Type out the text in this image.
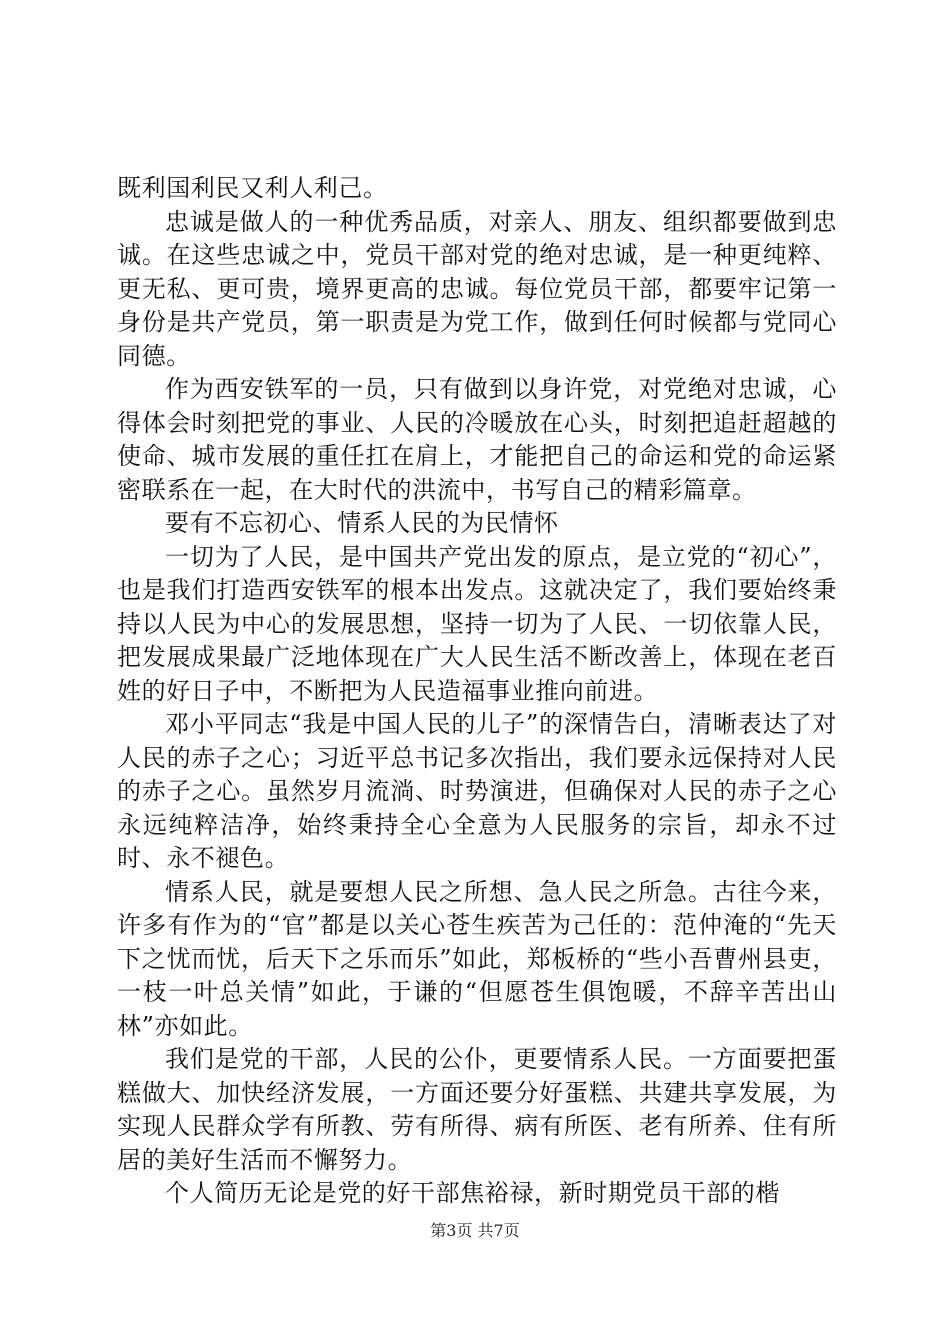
既利国利民又利人利己。

忠诚是做人的一种优秀品质，对亲人、朋友、组织都要做到忠诚。在这些忠诚之中，党员干部对党的绝对忠诚，是一种更纯粹、更无私、更可贵，境界更高的忠诚。每位党员干部，都要牢记第一身份是共产党员，第一职责是为党工作，做到任何时候都与党同心同德。

作为西安铁军的一员，只有做到以身许党，对党绝对忠诚，心得体会时刻把党的事业、人民的冷暖放在心头，时刻把追赶超越的使命、城市发展的重任扛在肩上，才能把自己的命运和党的命运紧密联系在一起，在大时代的洪流中，书写自己的精彩篇章。

要有不忘初心、情系人民的为民情怀

一切为了人民，是中国共产党出发的原点，是立党的“初心”，也是我们打造西安铁军的根本出发点。这就决定了，我们要始终秉持以人民为中心的发展思想，坚持一切为了人民、一切依靠人民，把发展成果最广泛地体现在广大人民生活不断改善上，体现在老百姓的好日子中，不断把为人民造福事业推向前进。

邓小平同志“我是中国人民的儿子”的深情告白，清晰表达了对人民的赤子之心；习近平总书记多次指出，我们要永远保持对人民的赤子之心。虽然岁月流淌、时势演进，但确保对人民的赤子之心永远纯粹洁净，始终秉持全心全意为人民服务的宗旨，却永不过时、永不褪色。

情系人民，就是要想人民之所想、急人民之所急。古往今来，许多有作为的“官”都是以关心苍生疾苦为己任的：范仲淹的“先天下之忧而忧，后天下之乐而乐”如此，郑板桥的“些小吾曹州县吏，一枝一叶总关情”如此，于谦的“但愿苍生俱饱暖，不辞辛苦出山林”亦如此。

我们是党的干部，人民的公仆，更要情系人民。一方面要把蛋糕做大、加快经济发展，一方面还要分好蛋糕、共建共享发展，为实现人民群众学有所教、劳有所得、病有所医、老有所养、住有所居的美好生活而不懈努力。

个人简历无论是党的好干部焦裕禄，新时期党员干部的楷

第3页 共7页
